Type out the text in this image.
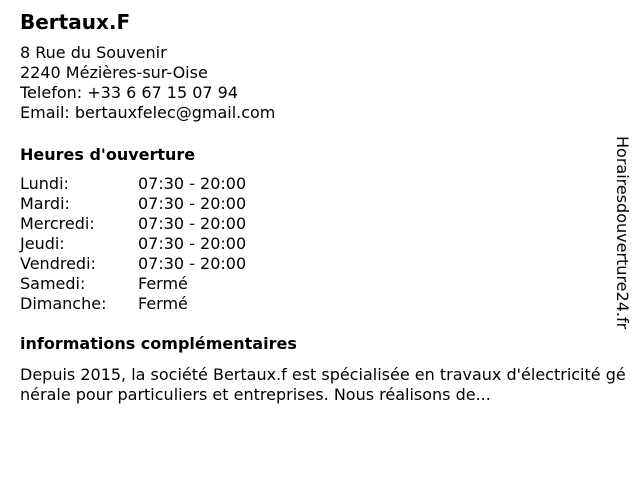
Bertaux.F
8 Rue du Souvenir
2240 Mézières-sur-Oise
Telefon: +33 6 67 15 07 94
Email: bertauxfelec@gmail.com
Heures d'ouverture
Lundi:	07:30 - 20:00
Mardi:	07:30 - 20:00
Mercredi:	07:30 - 20:00
Jeudi:	07:30 - 20:00
Vendredi:	07:30 - 20:00
Samedi:	Fermé
Dimanche: Fermé
informations complémentaires
Depuis 2015, la société Bertaux.f est spécialisée en travaux d'électricité générale pour particuliers et entreprises. Nous réalisons de...
Horairesdouverture24.fr
